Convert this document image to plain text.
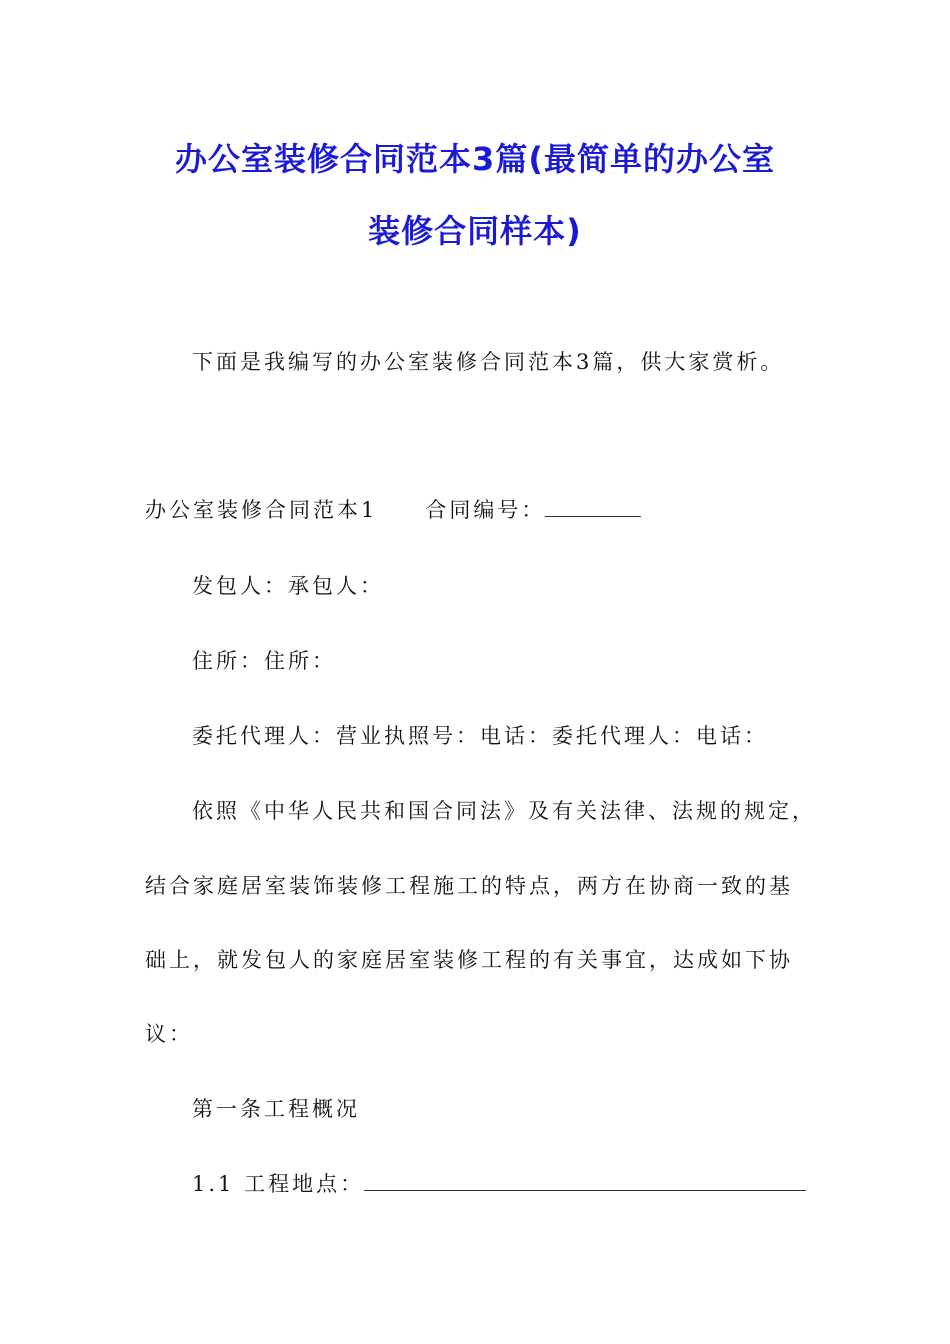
办公室装修合同范本3篇(最简单的办公室
装修合同样本)
下面是我编写的办公室装修合同范本3篇，供大家赏析。
办公室装修合同范本1 合同编号：
发包人：承包人：
住所：住所：
委托代理人：营业执照号：电话：委托代理人：电话：
依照《中华人民共和国合同法》及有关法律、法规的规定，
结合家庭居室装饰装修工程施工的特点，两方在协商一致的基
础上，就发包人的家庭居室装修工程的有关事宜，达成如下协
议：
第一条工程概况
1.1 工程地点：
